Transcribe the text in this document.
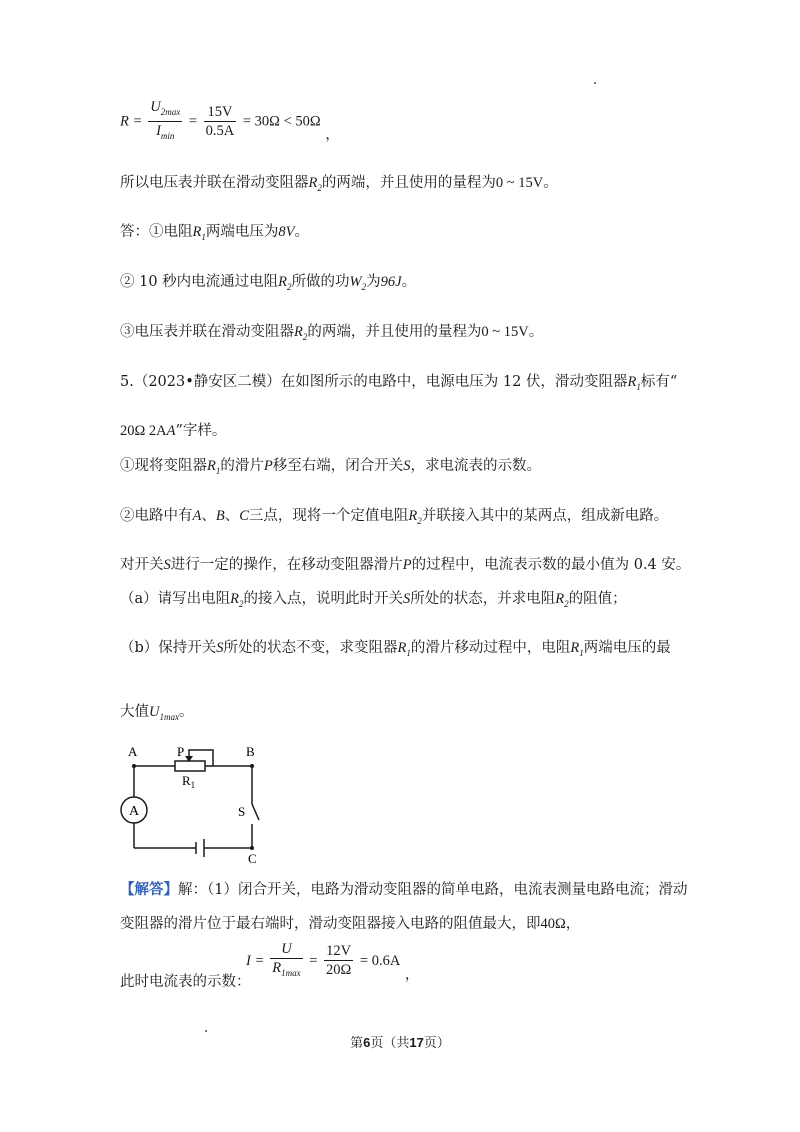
$R = \frac{U_{2max}}{I_{min}} = \frac{15V}{0.5A} = 30\Omega < 50\Omega$ ，
所以电压表并联在滑动变阻器$R_2$的两端，并且使用的量程为0 ~ 15V。
答：①电阻$R_1$两端电压为8V。
② 10 秒内电流通过电阻$R_2$所做的功$W_2$为96J。
③电压表并联在滑动变阻器$R_2$的两端，并且使用的量程为0 ~ 15V。
5.（2023•静安区二模）在如图所示的电路中，电源电压为 12 伏，滑动变阻器$R_1$标有“
20Ω 2AA”字样。
①现将变阻器$R_1$的滑片P移至右端，闭合开关S，求电流表的示数。
②电路中有A、B、C三点，现将一个定值电阻$R_2$并联接入其中的某两点，组成新电路。
对开关S进行一定的操作，在移动变阻器滑片P的过程中，电流表示数的最小值为 0.4 安。
（a）请写出电阻$R_2$的接入点，说明此时开关S所处的状态，并求电阻$R_2$的阻值；
（b）保持开关S所处的状态不变，求变阻器$R_1$的滑片移动过程中，电阻$R_1$两端电压的最
大值$U_{1max}$。
A
A	P	B
$R_1$
S
C
【解答】解：（1）闭合开关，电路为滑动变阻器的简单电路，电流表测量电路电流；滑动
变阻器的滑片位于最右端时，滑动变阻器接入电路的阻值最大，即40Ω，
此时电流表的示数：
$I = \frac{U}{R_{1max}} = \frac{12V}{20\Omega} = 0.6A$ ，
第6页（共17页）
